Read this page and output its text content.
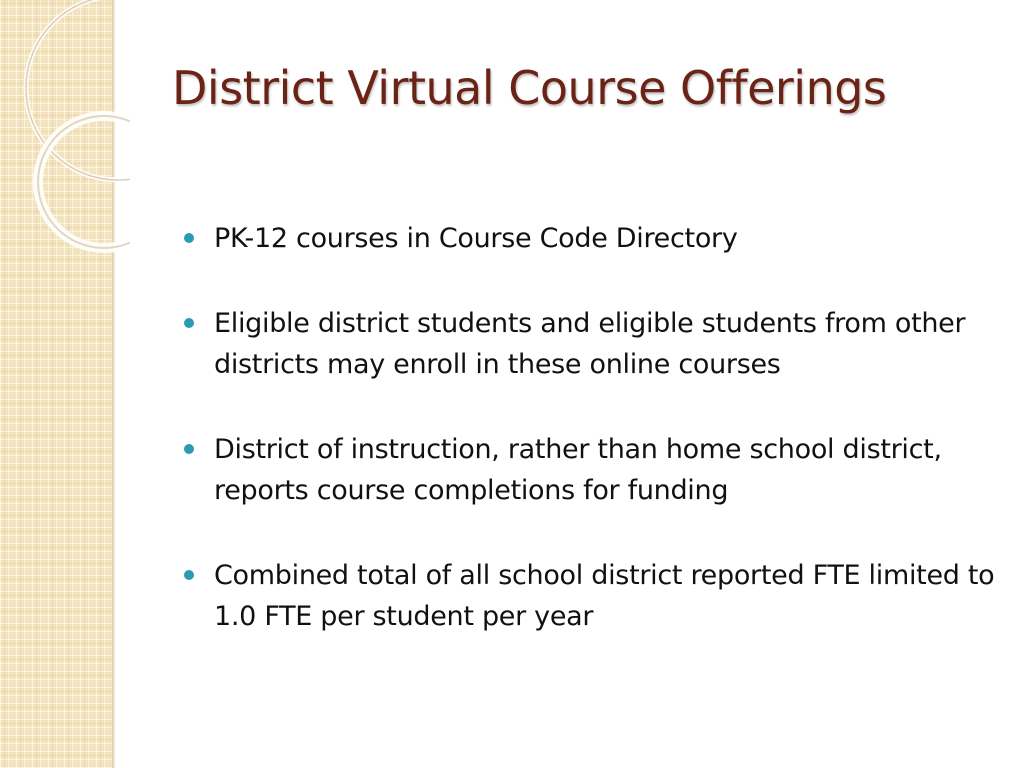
District Virtual Course Offerings
PK-12 courses in Course Code Directory
Eligible district students and eligible students from other districts may enroll in these online courses
District of instruction, rather than home school district, reports course completions for funding
Combined total of all school district reported FTE limited to 1.0 FTE per student per year
